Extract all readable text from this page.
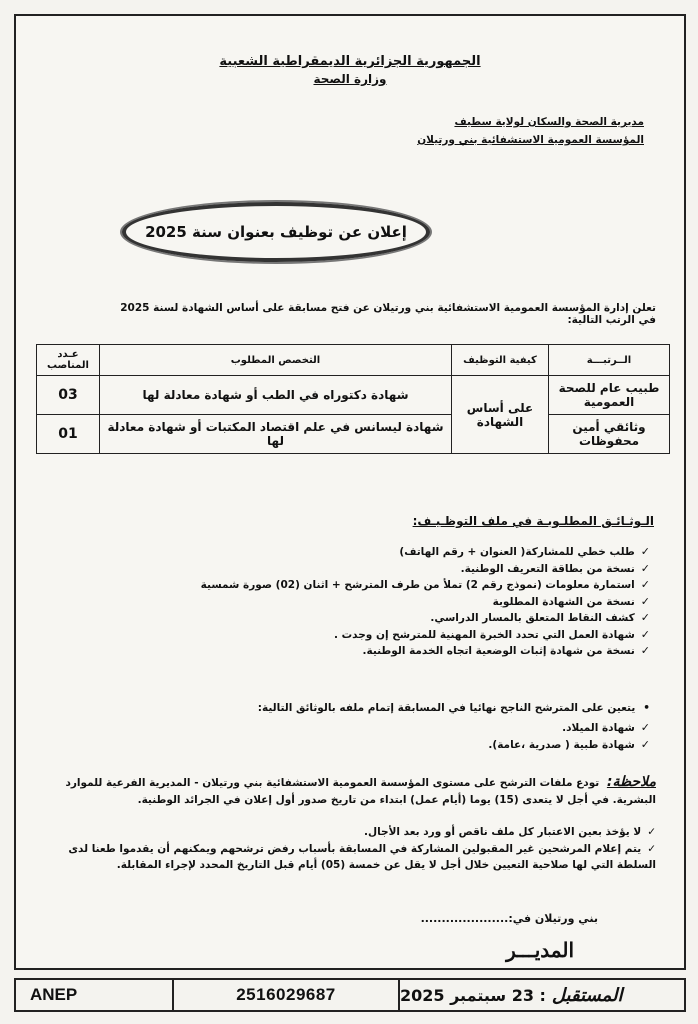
الجمهورية الجزائرية الديمقراطية الشعبية
وزارة الصحة
مديرية الصحة والسكان لولاية سطيف
المؤسسة العمومية الاستشفائية بني ورتيلان
إعلان عن توظيف بعنوان سنة 2025
تعلن إدارة المؤسسة العمومية الاستشفائية بني ورتيلان عن فتح مسابقة على أساس الشهادة لسنة 2025 في الرتب التالية:
الــرتبـــة	كيفية التوظيف	التخصص المطلوب	عـدد المناصب
طبيب عام للصحة العمومية	على أساس الشهادة	شهادة دكتوراه في الطب أو شهادة معادلة لها	03
وثائقي أمين محفوظات		شهادة ليسانس في علم اقتصاد المكتبات أو شهادة معادلة لها	01
الـوثـائـق المطلـوبـة في ملف التوظـيـف:
✓ طلب خطي للمشاركة( العنوان + رقم الهاتف)
✓ نسخة من بطاقة التعريف الوطنية.
✓ استمارة معلومات (نموذج رقم 2) تملأ من طرف المترشح + اثنان (02) صورة شمسية
✓ نسخة من الشهادة المطلوبة
✓ كشف النقاط المتعلق بالمسار الدراسي.
✓ شهادة العمل التي تحدد الخبرة المهنية للمترشح إن وجدت .
✓ نسخة من شهادة إثبات الوضعية اتجاه الخدمة الوطنية.
• يتعين على المترشح الناجح نهائيا في المسابقة إتمام ملفه بالوثائق التالية:
✓ شهادة الميلاد.
✓ شهادة طبية ( صدرية ،عامة).
ملاحظة: تودع ملفات الترشح على مستوى المؤسسة العمومية الاستشفائية بني ورتيلان - المديرية الفرعية للموارد البشرية. في أجل لا يتعدى (15) يوما (أيام عمل) ابتداء من تاريخ صدور أول إعلان في الجرائد الوطنية.
✓ لا يؤخذ بعين الاعتبار كل ملف ناقص أو ورد بعد الأجال.
✓ يتم إعلام المرشحين غير المقبولين المشاركة في المسابقة بأسباب رفض ترشحهم ويمكنهم أن يقدموا طعنا لدى السلطة التي لها صلاحية التعيين خلال أجل لا يقل عن خمسة (05) أيام قبل التاريخ المحدد لإجراء المقابلة.
بني ورتيلان في:.....................
المديـــر
ANEP	2516029687	المستقبل
: 23 سبتمبر 2025
